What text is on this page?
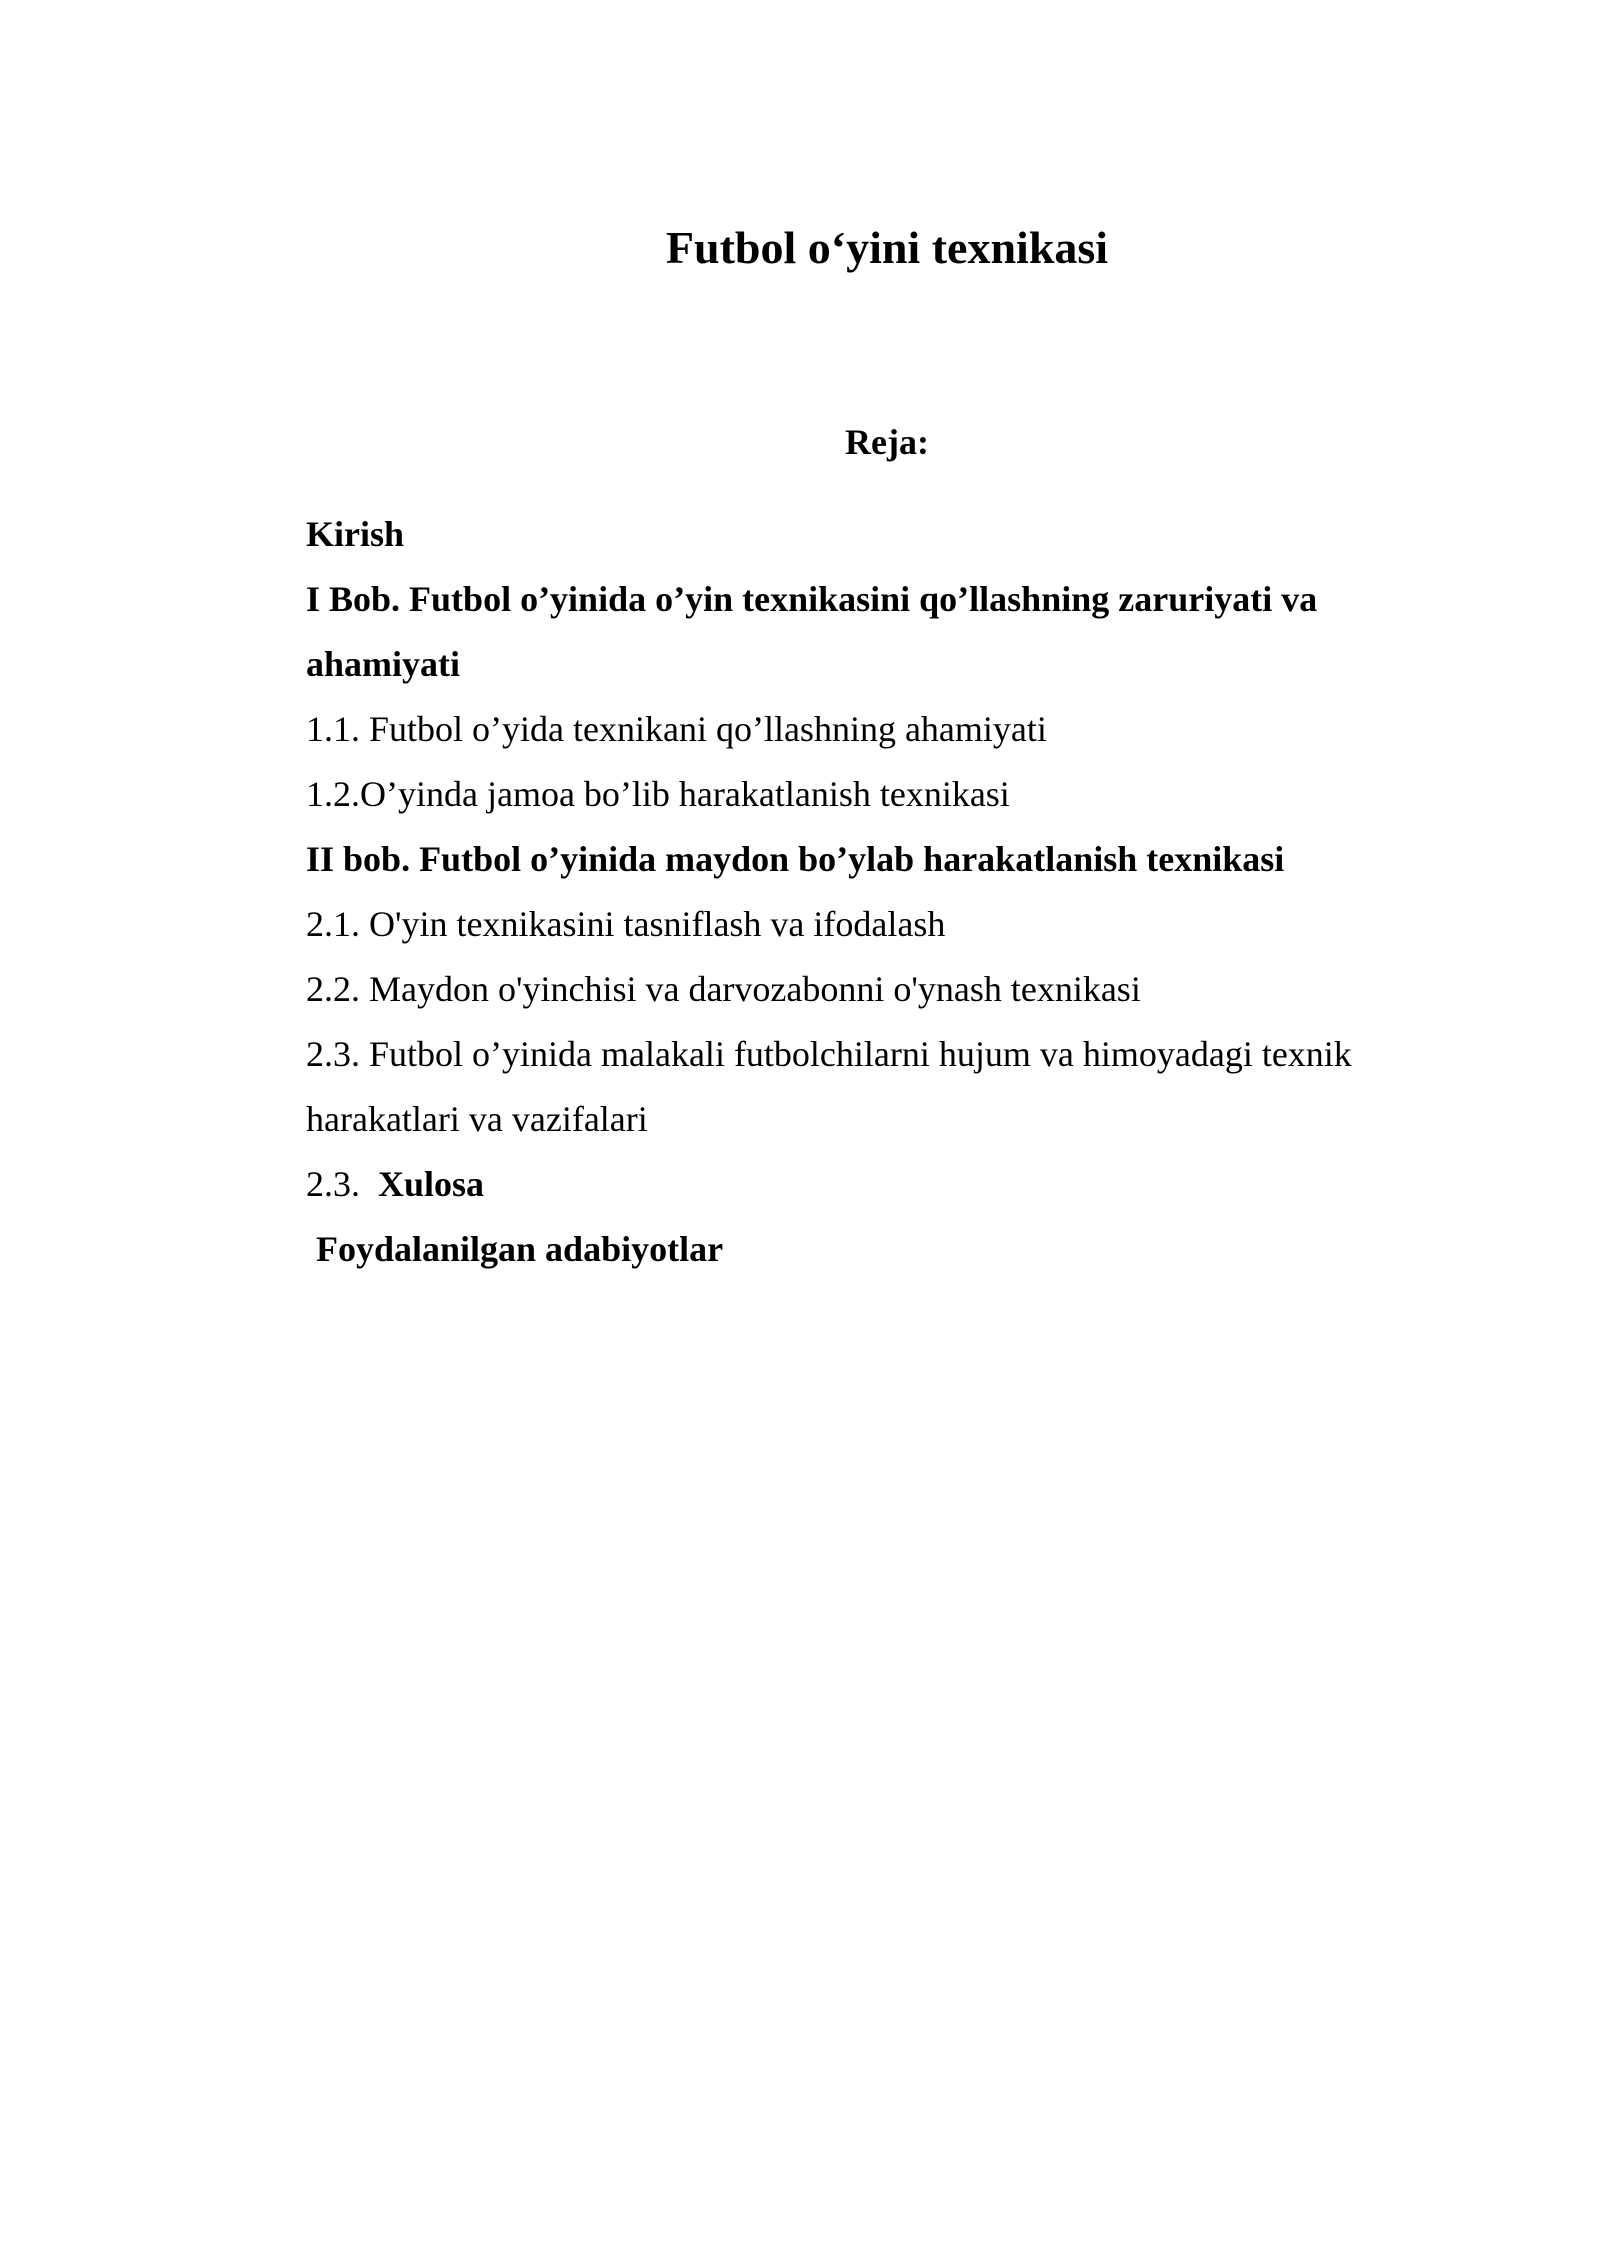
Futbol o‘yini texnikasi
Reja:
Kirish
I Bob. Futbol o’yinida o’yin texnikasini qo’llashning zaruriyati va
ahamiyati
1.1. Futbol o’yida texnikani qo’llashning ahamiyati
1.2.O’yinda jamoa bo’lib harakatlanish texnikasi
II bob. Futbol o’yinida maydon bo’ylab harakatlanish texnikasi
2.1. O'yin texnikasini tasniflash va ifodalash
2.2. Maydon o'yinchisi va darvozabonni o'ynash texnikasi
2.3. Futbol o’yinida malakali futbolchilarni hujum va himoyadagi texnik
harakatlari va vazifalari
2.3. Xulosa
Foydalanilgan adabiyotlar
